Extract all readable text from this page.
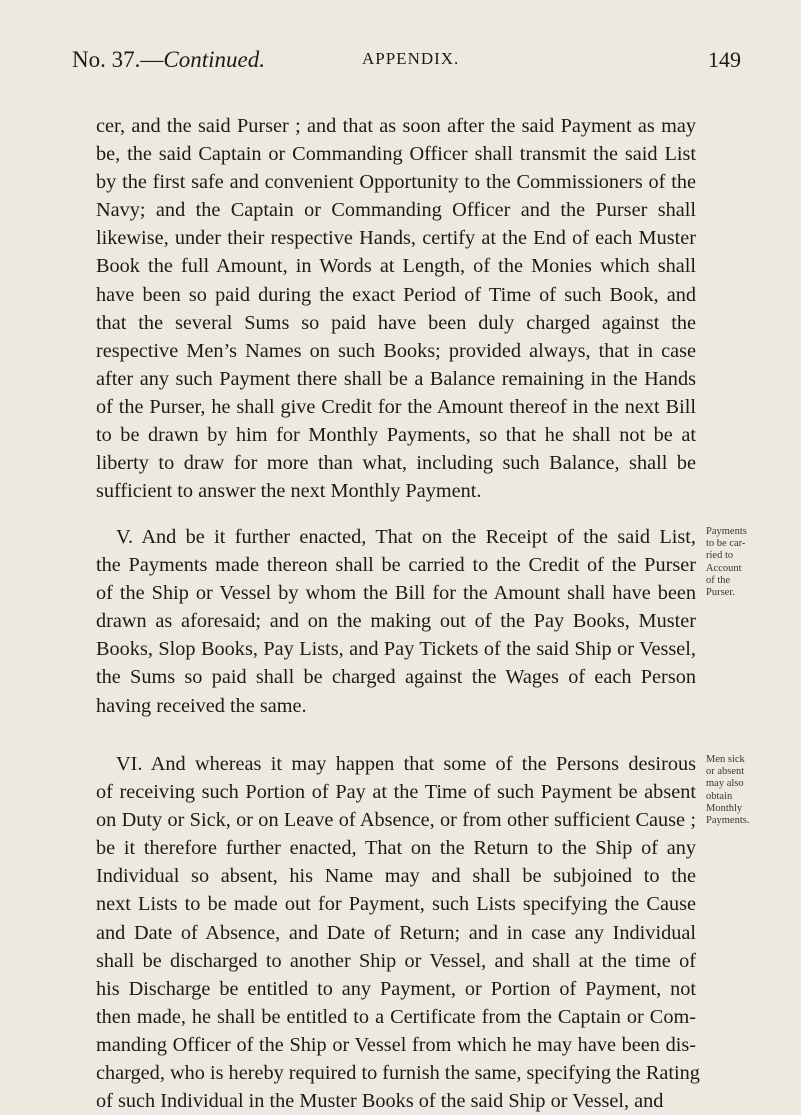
No. 37.—Continued.	APPENDIX.	149
cer, and the said Purser ; and that as soon after the said Payment as may
be, the said Captain or Commanding Officer shall transmit the said List
by the first safe and convenient Opportunity to the Commissioners of the
Navy; and the Captain or Commanding Officer and the Purser shall
likewise, under their respective Hands, certify at the End of each Muster
Book the full Amount, in Words at Length, of the Monies which shall
have been so paid during the exact Period of Time of such Book, and
that the several Sums so paid have been duly charged against the
respective Men’s Names on such Books; provided always, that in case
after any such Payment there shall be a Balance remaining in the Hands
of the Purser, he shall give Credit for the Amount thereof in the next Bill
to be drawn by him for Monthly Payments, so that he shall not be at
liberty to draw for more than what, including such Balance, shall be
sufficient to answer the next Monthly Payment.
V. And be it further enacted, That on the Receipt of the said List,
the Payments made thereon shall be carried to the Credit of the Purser
of the Ship or Vessel by whom the Bill for the Amount shall have been
drawn as aforesaid; and on the making out of the Pay Books, Muster
Books, Slop Books, Pay Lists, and Pay Tickets of the said Ship or Vessel,
the Sums so paid shall be charged against the Wages of each Person
having received the same.
Payments
to be car-
ried to
Account
of the
Purser.
VI. And whereas it may happen that some of the Persons desirous
of receiving such Portion of Pay at the Time of such Payment be absent
on Duty or Sick, or on Leave of Absence, or from other sufficient Cause ;
be it therefore further enacted, That on the Return to the Ship of any
Individual so absent, his Name may and shall be subjoined to the
next Lists to be made out for Payment, such Lists specifying the Cause
and Date of Absence, and Date of Return; and in case any Individual
shall be discharged to another Ship or Vessel, and shall at the time of
his Discharge be entitled to any Payment, or Portion of Payment, not
then made, he shall be entitled to a Certificate from the Captain or Com-
manding Officer of the Ship or Vessel from which he may have been dis-
charged, who is hereby required to furnish the same, specifying the Rating
of such Individual in the Muster Books of the said Ship or Vessel, and
Men sick
or absent
may also
obtain
Monthly
Payments.
